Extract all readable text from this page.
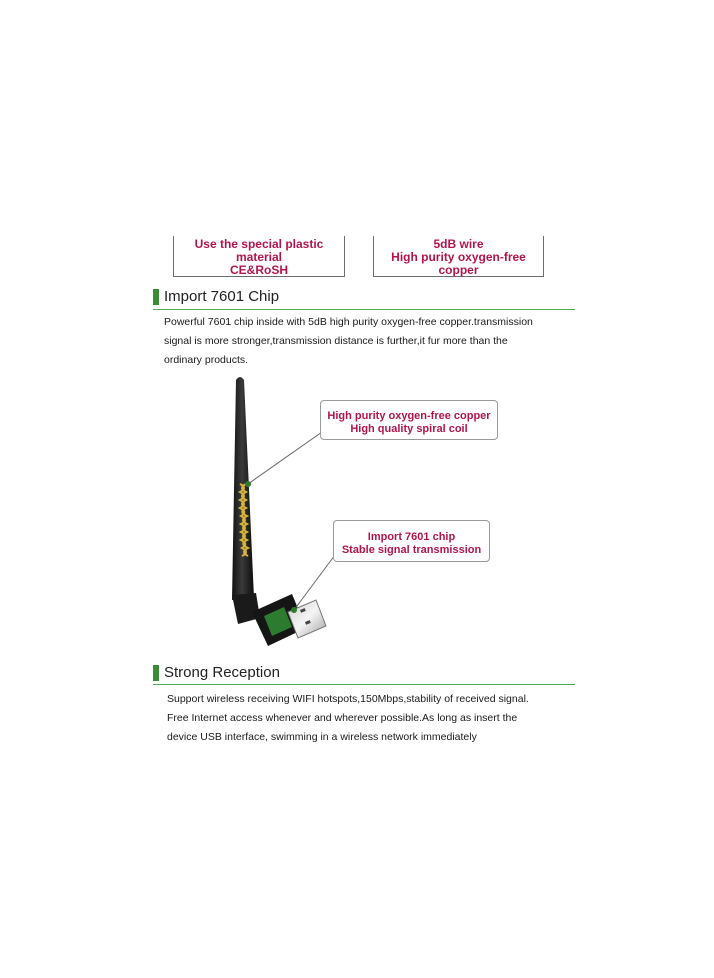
Use the special plastic material
CE&RoSH
5dB wire
High purity oxygen-free copper
Import 7601 Chip
Powerful 7601 chip inside with 5dB high purity oxygen-free copper.transmission
signal is more stronger,transmission distance is further,it fur more than the
ordinary products.
High purity oxygen-free copper
High quality spiral coil
Import 7601 chip
Stable signal transmission
Strong Reception
Support wireless receiving WIFI hotspots,150Mbps,stability of received signal.
Free Internet access whenever and wherever possible.As long as insert the
device USB interface, swimming in a wireless network immediately
